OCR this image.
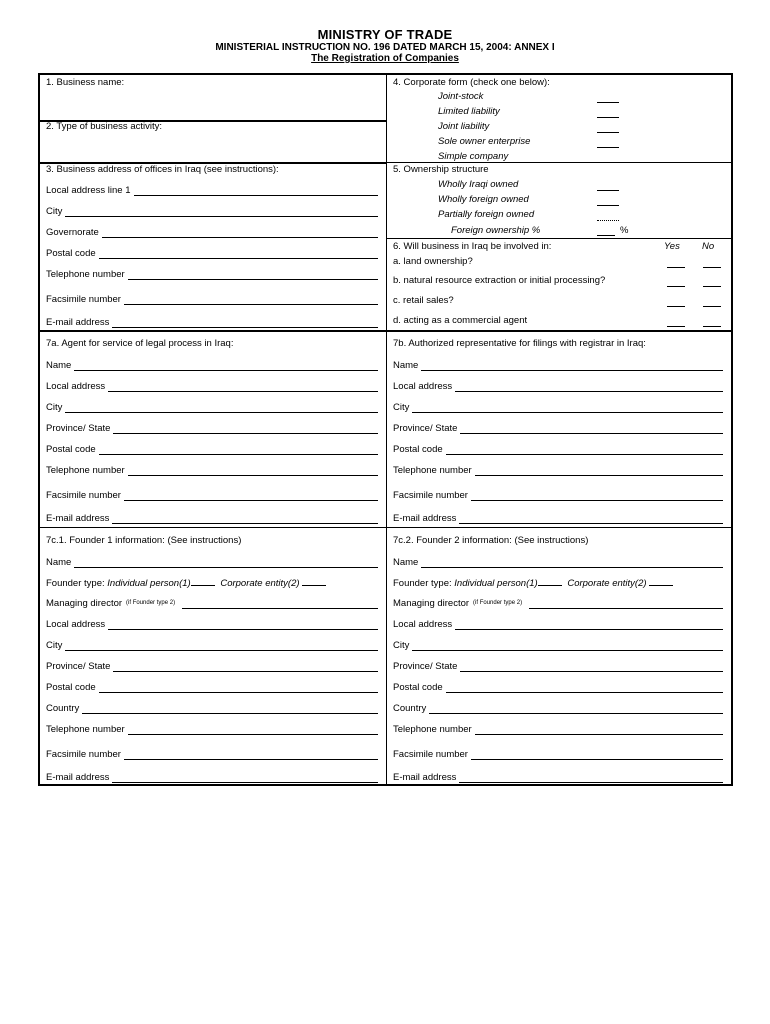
MINISTRY OF TRADE
MINISTERIAL INSTRUCTION NO. 196 DATED MARCH 15, 2004: ANNEX I
The Registration of Companies
1. Business name:
2. Type of business activity:
3. Business address of offices in Iraq (see instructions):
Local address line 1
City
Governorate
Postal code
Telephone number
Facsimile number
E-mail address
4. Corporate form (check one below):
Joint-stock
Limited liability
Joint liability
Sole owner enterprise
Simple company
5. Ownership structure
Wholly Iraqi owned
Wholly foreign owned
Partially foreign owned
Foreign ownership %	%
6. Will business in Iraq be involved in:	Yes No
a. land ownership?
b. natural resource extraction or initial processing?
c. retail sales?
d. acting as a commercial agent
7a. Agent for service of legal process in Iraq:
Name
Local address
City
Province/ State
Postal code
Telephone number
Facsimile number
E-mail address
7b. Authorized representative for filings with registrar in Iraq:
Name
Local address
City
Province/ State
Postal code
Telephone number
Facsimile number
E-mail address
7c.1. Founder 1 information: (See instructions)
Name
Founder type: Individual person(1)	Corporate entity(2)
Managing director (if Founder type 2)
Local address
City
Province/ State
Postal code
Country
Telephone number
Facsimile number
E-mail address
7c.2. Founder 2 information: (See instructions)
Name
Founder type: Individual person(1)	Corporate entity(2)
Managing director (if Founder type 2)
Local address
City
Province/ State
Postal code
Country
Telephone number
Facsimile number
E-mail address
